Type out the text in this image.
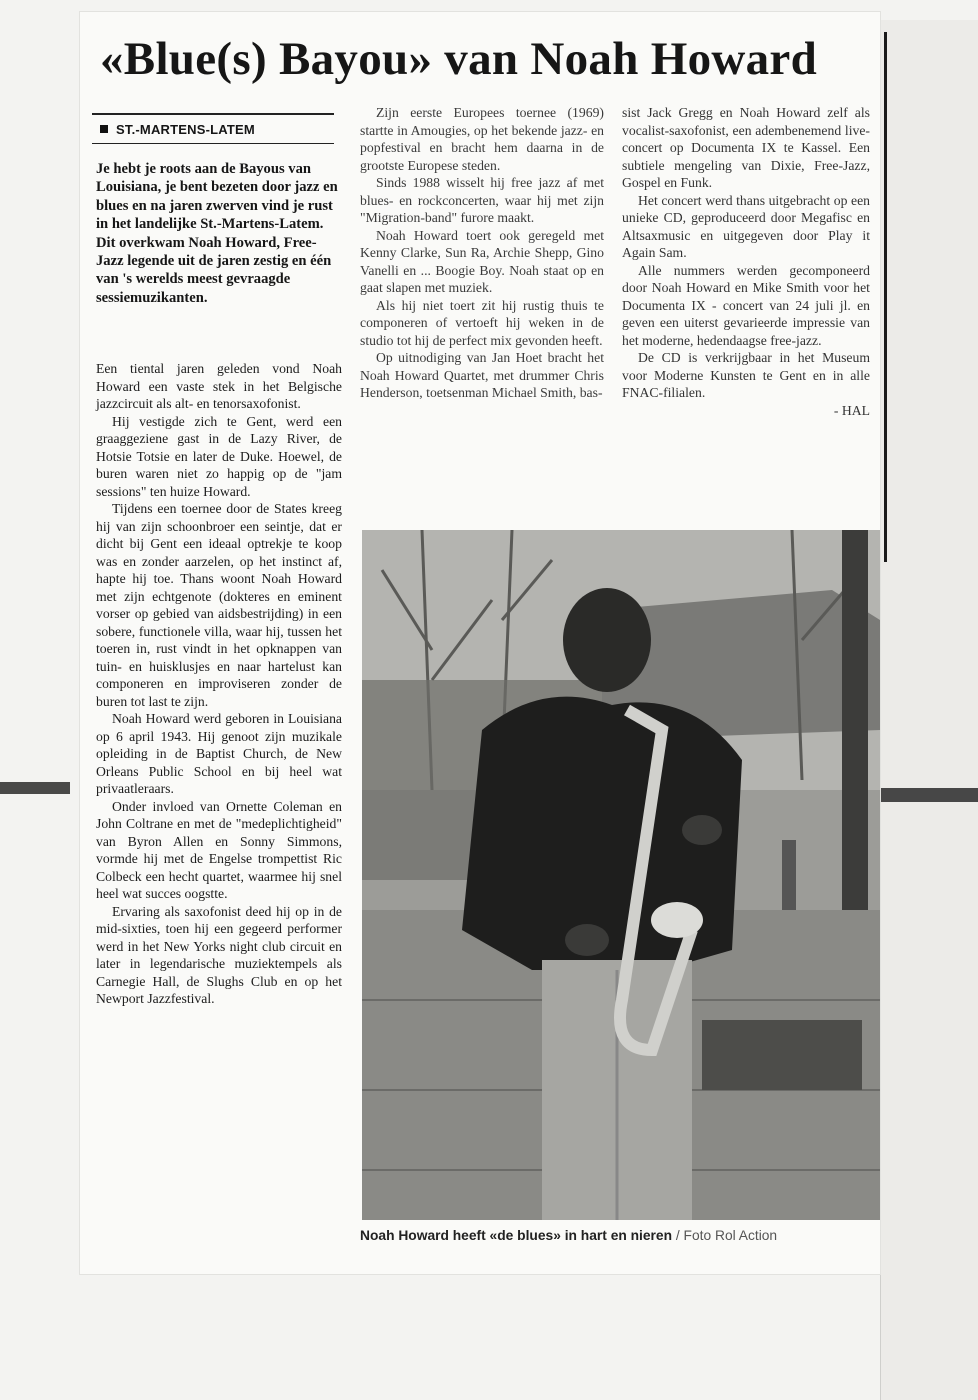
«Blue(s) Bayou» van Noah Howard
ST.-MARTENS-LATEM

Je hebt je roots aan de Bayous van Louisiana, je bent bezeten door jazz en blues en na jaren zwerven vind je rust in het landelijke St.-Martens-Latem. Dit overkwam Noah Howard, Free-Jazz legende uit de jaren zestig en één van 's werelds meest gevraagde sessiemuzikanten.

Een tiental jaren geleden vond Noah Howard een vaste stek in het Belgische jazzcircuit als alt- en tenorsaxofonist.

Hij vestigde zich te Gent, werd een graaggeziene gast in de Lazy River, de Hotsie Totsie en later de Duke. Hoewel, de buren waren niet zo happig op de "jam sessions" ten huize Howard.

Tijdens een toernee door de States kreeg hij van zijn schoonbroer een seintje, dat er dicht bij Gent een ideaal optrekje te koop was en zonder aarzelen, op het instinct af, hapte hij toe. Thans woont Noah Howard met zijn echtgenote (dokteres en eminent vorser op gebied van aidsbestrijding) in een sobere, functionele villa, waar hij, tussen het toeren in, rust vindt in het opknappen van tuin- en huisklusjes en naar hartelust kan componeren en improviseren zonder de buren tot last te zijn.

Noah Howard werd geboren in Louisiana op 6 april 1943. Hij genoot zijn muzikale opleiding in de Baptist Church, de New Orleans Public School en bij heel wat privaatleraars.

Onder invloed van Ornette Coleman en John Coltrane en met de "medeplichtigheid" van Byron Allen en Sonny Simmons, vormde hij met de Engelse trompettist Ric Colbeck een hecht quartet, waarmee hij snel heel wat succes oogstte.

Ervaring als saxofonist deed hij op in de mid-sixties, toen hij een gegeerd performer werd in het New Yorks night club circuit en later in legendarische muziektempels als Carnegie Hall, de Slughs Club en op het Newport Jazzfestival.

Zijn eerste Europees toernee (1969) startte in Amougies, op het bekende jazz- en popfestival en bracht hem daarna in de grootste Europese steden.

Sinds 1988 wisselt hij free jazz af met blues- en rockconcerten, waar hij met zijn "Migration-band" furore maakt.

Noah Howard toert ook geregeld met Kenny Clarke, Sun Ra, Archie Shepp, Gino Vanelli en ... Boogie Boy. Noah staat op en gaat slapen met muziek.

Als hij niet toert zit hij rustig thuis te componeren of vertoeft hij weken in de studio tot hij de perfect mix gevonden heeft.

Op uitnodiging van Jan Hoet bracht het Noah Howard Quartet, met drummer Chris Henderson, toetsenman Michael Smith, bas-

sist Jack Gregg en Noah Howard zelf als vocalist-saxofonist, een adembenemend live-concert op Documenta IX te Kassel. Een subtiele mengeling van Dixie, Free-Jazz, Gospel en Funk.

Het concert werd thans uitgebracht op een unieke CD, geproduceerd door Megafisc en Altsaxmusic en uitgegeven door Play it Again Sam.

Alle nummers werden gecomponeerd door Noah Howard en Mike Smith voor het Documenta IX - concert van 24 juli jl. en geven een uiterst gevarieerde impressie van het moderne, hedendaagse free-jazz.

De CD is verkrijgbaar in het Museum voor Moderne Kunsten te Gent en in alle FNAC-filialen.

- HAL

Noah Howard heeft «de blues» in hart en nieren / Foto Rol Action
